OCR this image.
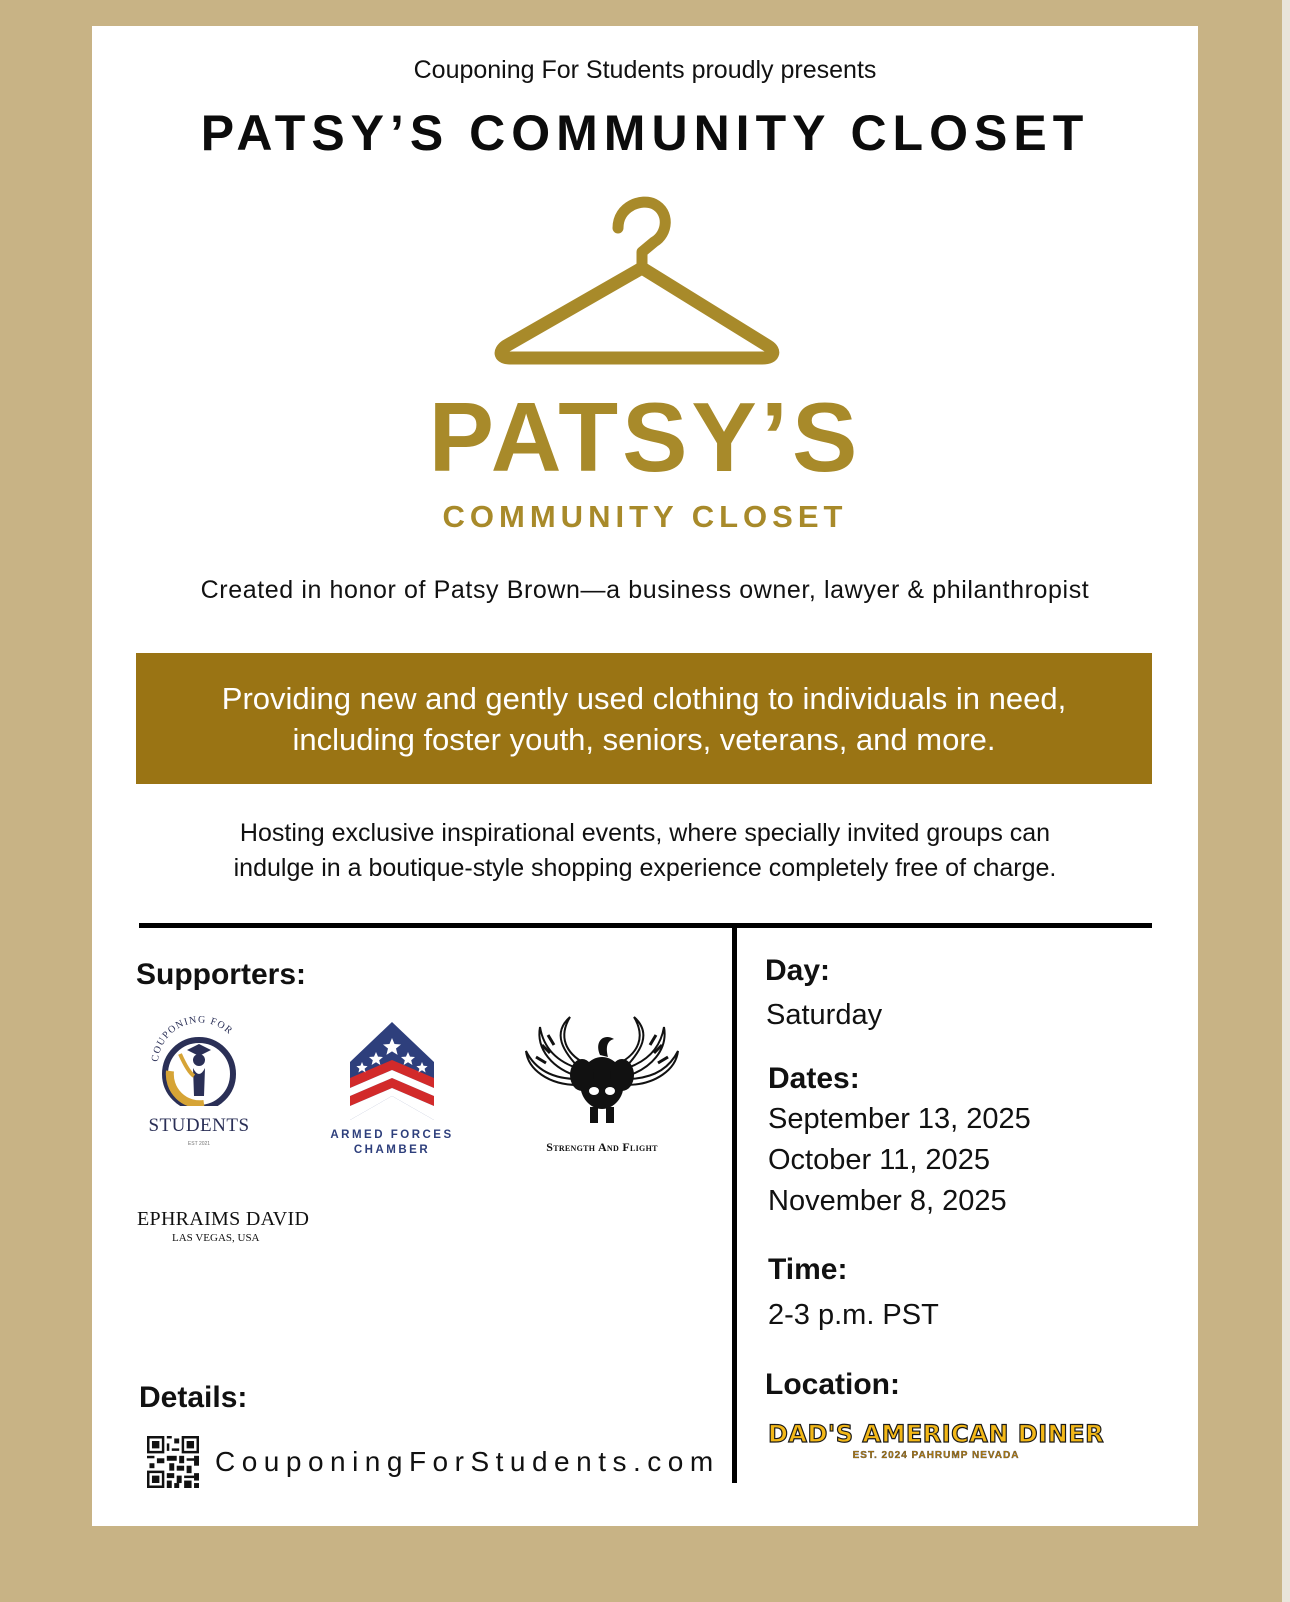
Couponing For Students proudly presents
PATSY’S COMMUNITY CLOSET
PATSY’S
COMMUNITY CLOSET
Created in honor of Patsy Brown—a business owner, lawyer & philanthropist
Providing new and gently used clothing to individuals in need,
including foster youth, seniors, veterans, and more.
Hosting exclusive inspirational events, where specially invited groups can
indulge in a boutique-style shopping experience completely free of charge.
Supporters:
COUPONING FOR
STUDENTS
EST 2021
ARMED FORCES
CHAMBER	Strength And Flight
EPHRAIMS DAVID
LAS VEGAS, USA
Details:
CouponingForStudents.com
Day:
Saturday
Dates:
September 13, 2025
October 11, 2025
November 8, 2025
Time:
2-3 p.m. PST
Location:
DAD'S AMERICAN DINER
EST. 2024 PAHRUMP NEVADA
